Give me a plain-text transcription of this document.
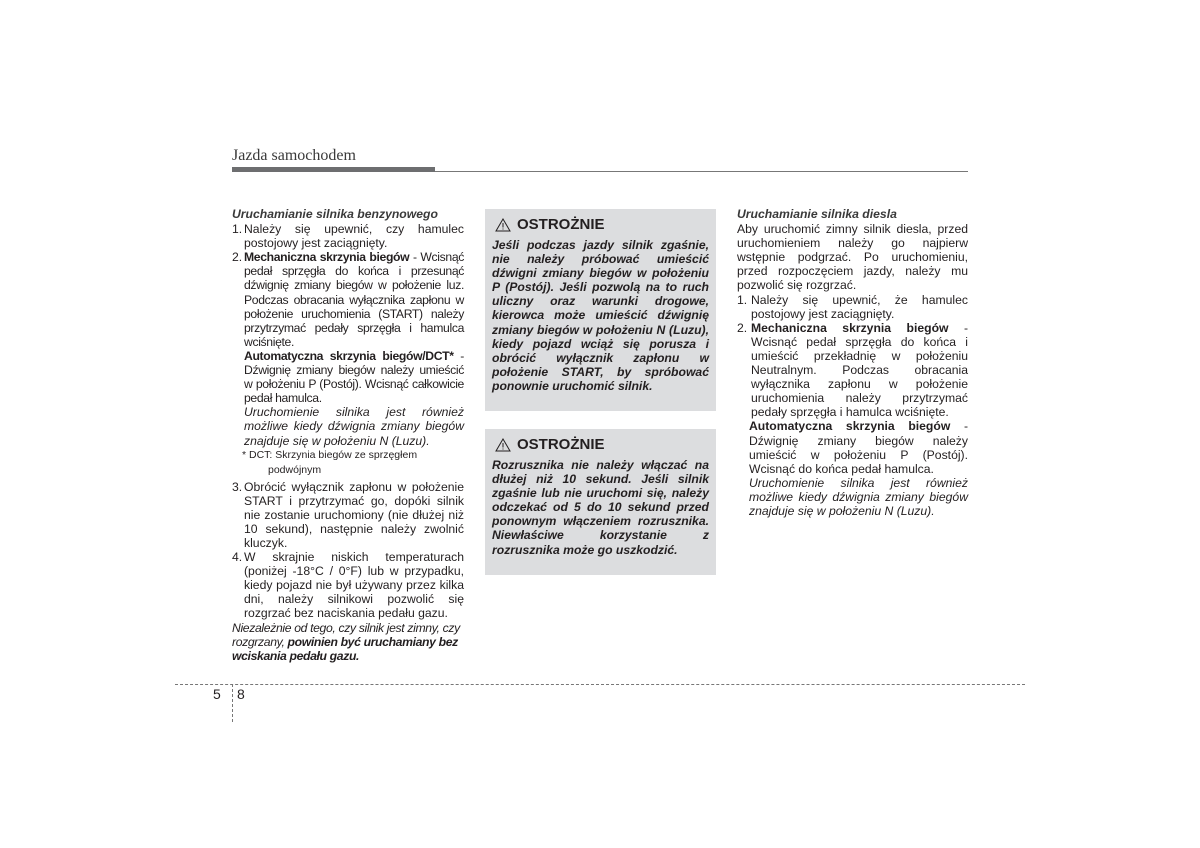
Jazda samochodem

Uruchamianie silnika benzynowego

1. Należy się upewnić, czy hamulec postojowy jest zaciągnięty.
2. Mechaniczna skrzynia biegów - Wcisnąć pedał sprzęgła do końca i przesunąć dźwignię zmiany biegów w położenie luz. Podczas obracania wyłącznika zapłonu w położenie uruchomienia (START) należy przytrzymać pedały sprzęgła i hamulca wciśnięte.

Automatyczna skrzynia biegów/DCT* - Dźwignię zmiany biegów należy umieścić w położeniu P (Postój). Wcisnąć całkowicie pedał hamulca.

Uruchomienie silnika jest również możliwe kiedy dźwignia zmiany biegów znajduje się w położeniu N (Luzu).

* DCT: Skrzynia biegów ze sprzęgłem

podwójnym

3. Obrócić wyłącznik zapłonu w położenie START i przytrzymać go, dopóki silnik nie zostanie uruchomiony (nie dłużej niż 10 sekund), następnie należy zwolnić kluczyk.
4. W skrajnie niskich temperaturach (poniżej -18°C / 0°F) lub w przypadku, kiedy pojazd nie był używany przez kilka dni, należy silnikowi pozwolić się rozgrzać bez naciskania pedału gazu.

Niezależnie od tego, czy silnik jest zimny, czy rozgrzany, powinien być uruchamiany bez wciskania pedału gazu.

OSTROŻNIE
Jeśli podczas jazdy silnik zgaśnie, nie należy próbować umieścić dźwigni zmiany biegów w położeniu P (Postój). Jeśli pozwolą na to ruch uliczny oraz warunki drogowe, kierowca może umieścić dźwignię zmiany biegów w położeniu N (Luzu), kiedy pojazd wciąż się porusza i obrócić wyłącznik zapłonu w położenie START, by spróbować ponownie uruchomić silnik.
OSTROŻNIE
Rozrusznika nie należy włączać na dłużej niż 10 sekund. Jeśli silnik zgaśnie lub nie uruchomi się, należy odczekać od 5 do 10 sekund przed ponownym włączeniem rozrusznika. Niewłaściwe korzystanie z rozrusznika może go uszkodzić.

Uruchamianie silnika diesla

Aby uruchomić zimny silnik diesla, przed uruchomieniem należy go najpierw wstępnie podgrzać. Po uruchomieniu, przed rozpoczęciem jazdy, należy mu pozwolić się rozgrzać.

1. Należy się upewnić, że hamulec postojowy jest zaciągnięty.
2. Mechaniczna skrzynia biegów - Wcisnąć pedał sprzęgła do końca i umieścić przekładnię w położeniu Neutralnym. Podczas obracania wyłącznika zapłonu w położenie uruchomienia należy przytrzymać pedały sprzęgła i hamulca wciśnięte.

Automatyczna skrzynia biegów - Dźwignię zmiany biegów należy umieścić w położeniu P (Postój). Wcisnąć do końca pedał hamulca.

Uruchomienie silnika jest również możliwe kiedy dźwignia zmiany biegów znajduje się w położeniu N (Luzu).

5 8
